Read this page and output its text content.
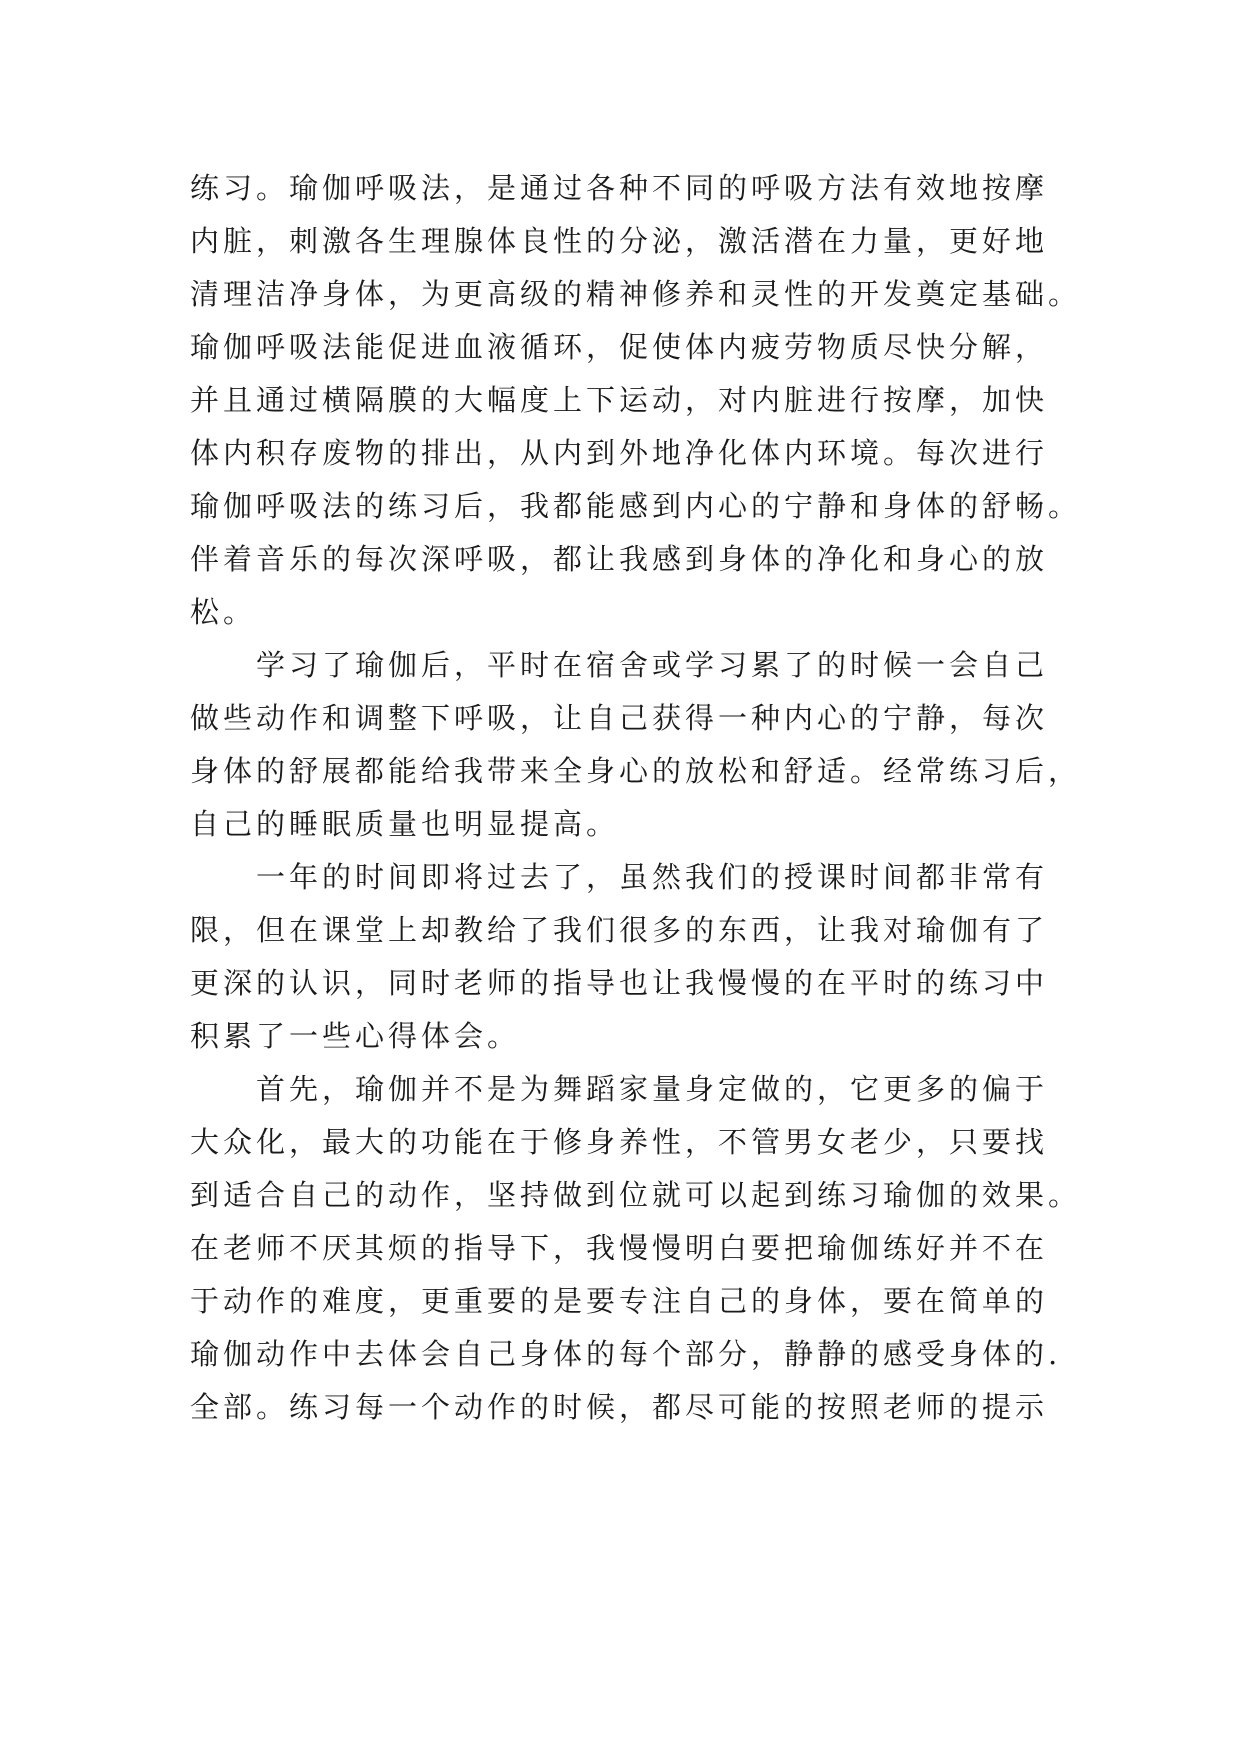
练习。瑜伽呼吸法，是通过各种不同的呼吸方法有效地按摩
内脏，刺激各生理腺体良性的分泌，激活潜在力量，更好地
清理洁净身体，为更高级的精神修养和灵性的开发奠定基础。
瑜伽呼吸法能促进血液循环，促使体内疲劳物质尽快分解，
并且通过横隔膜的大幅度上下运动，对内脏进行按摩，加快
体内积存废物的排出，从内到外地净化体内环境。每次进行
瑜伽呼吸法的练习后，我都能感到内心的宁静和身体的舒畅。
伴着音乐的每次深呼吸，都让我感到身体的净化和身心的放
松。
学习了瑜伽后，平时在宿舍或学习累了的时候一会自己
做些动作和调整下呼吸，让自己获得一种内心的宁静，每次
身体的舒展都能给我带来全身心的放松和舒适。经常练习后，
自己的睡眠质量也明显提高。
一年的时间即将过去了，虽然我们的授课时间都非常有
限，但在课堂上却教给了我们很多的东西，让我对瑜伽有了
更深的认识，同时老师的指导也让我慢慢的在平时的练习中
积累了一些心得体会。
首先，瑜伽并不是为舞蹈家量身定做的，它更多的偏于
大众化，最大的功能在于修身养性，不管男女老少，只要找
到适合自己的动作，坚持做到位就可以起到练习瑜伽的效果。
在老师不厌其烦的指导下，我慢慢明白要把瑜伽练好并不在
于动作的难度，更重要的是要专注自己的身体，要在简单的
瑜伽动作中去体会自己身体的每个部分，静静的感受身体的.
全部。练习每一个动作的时候，都尽可能的按照老师的提示
